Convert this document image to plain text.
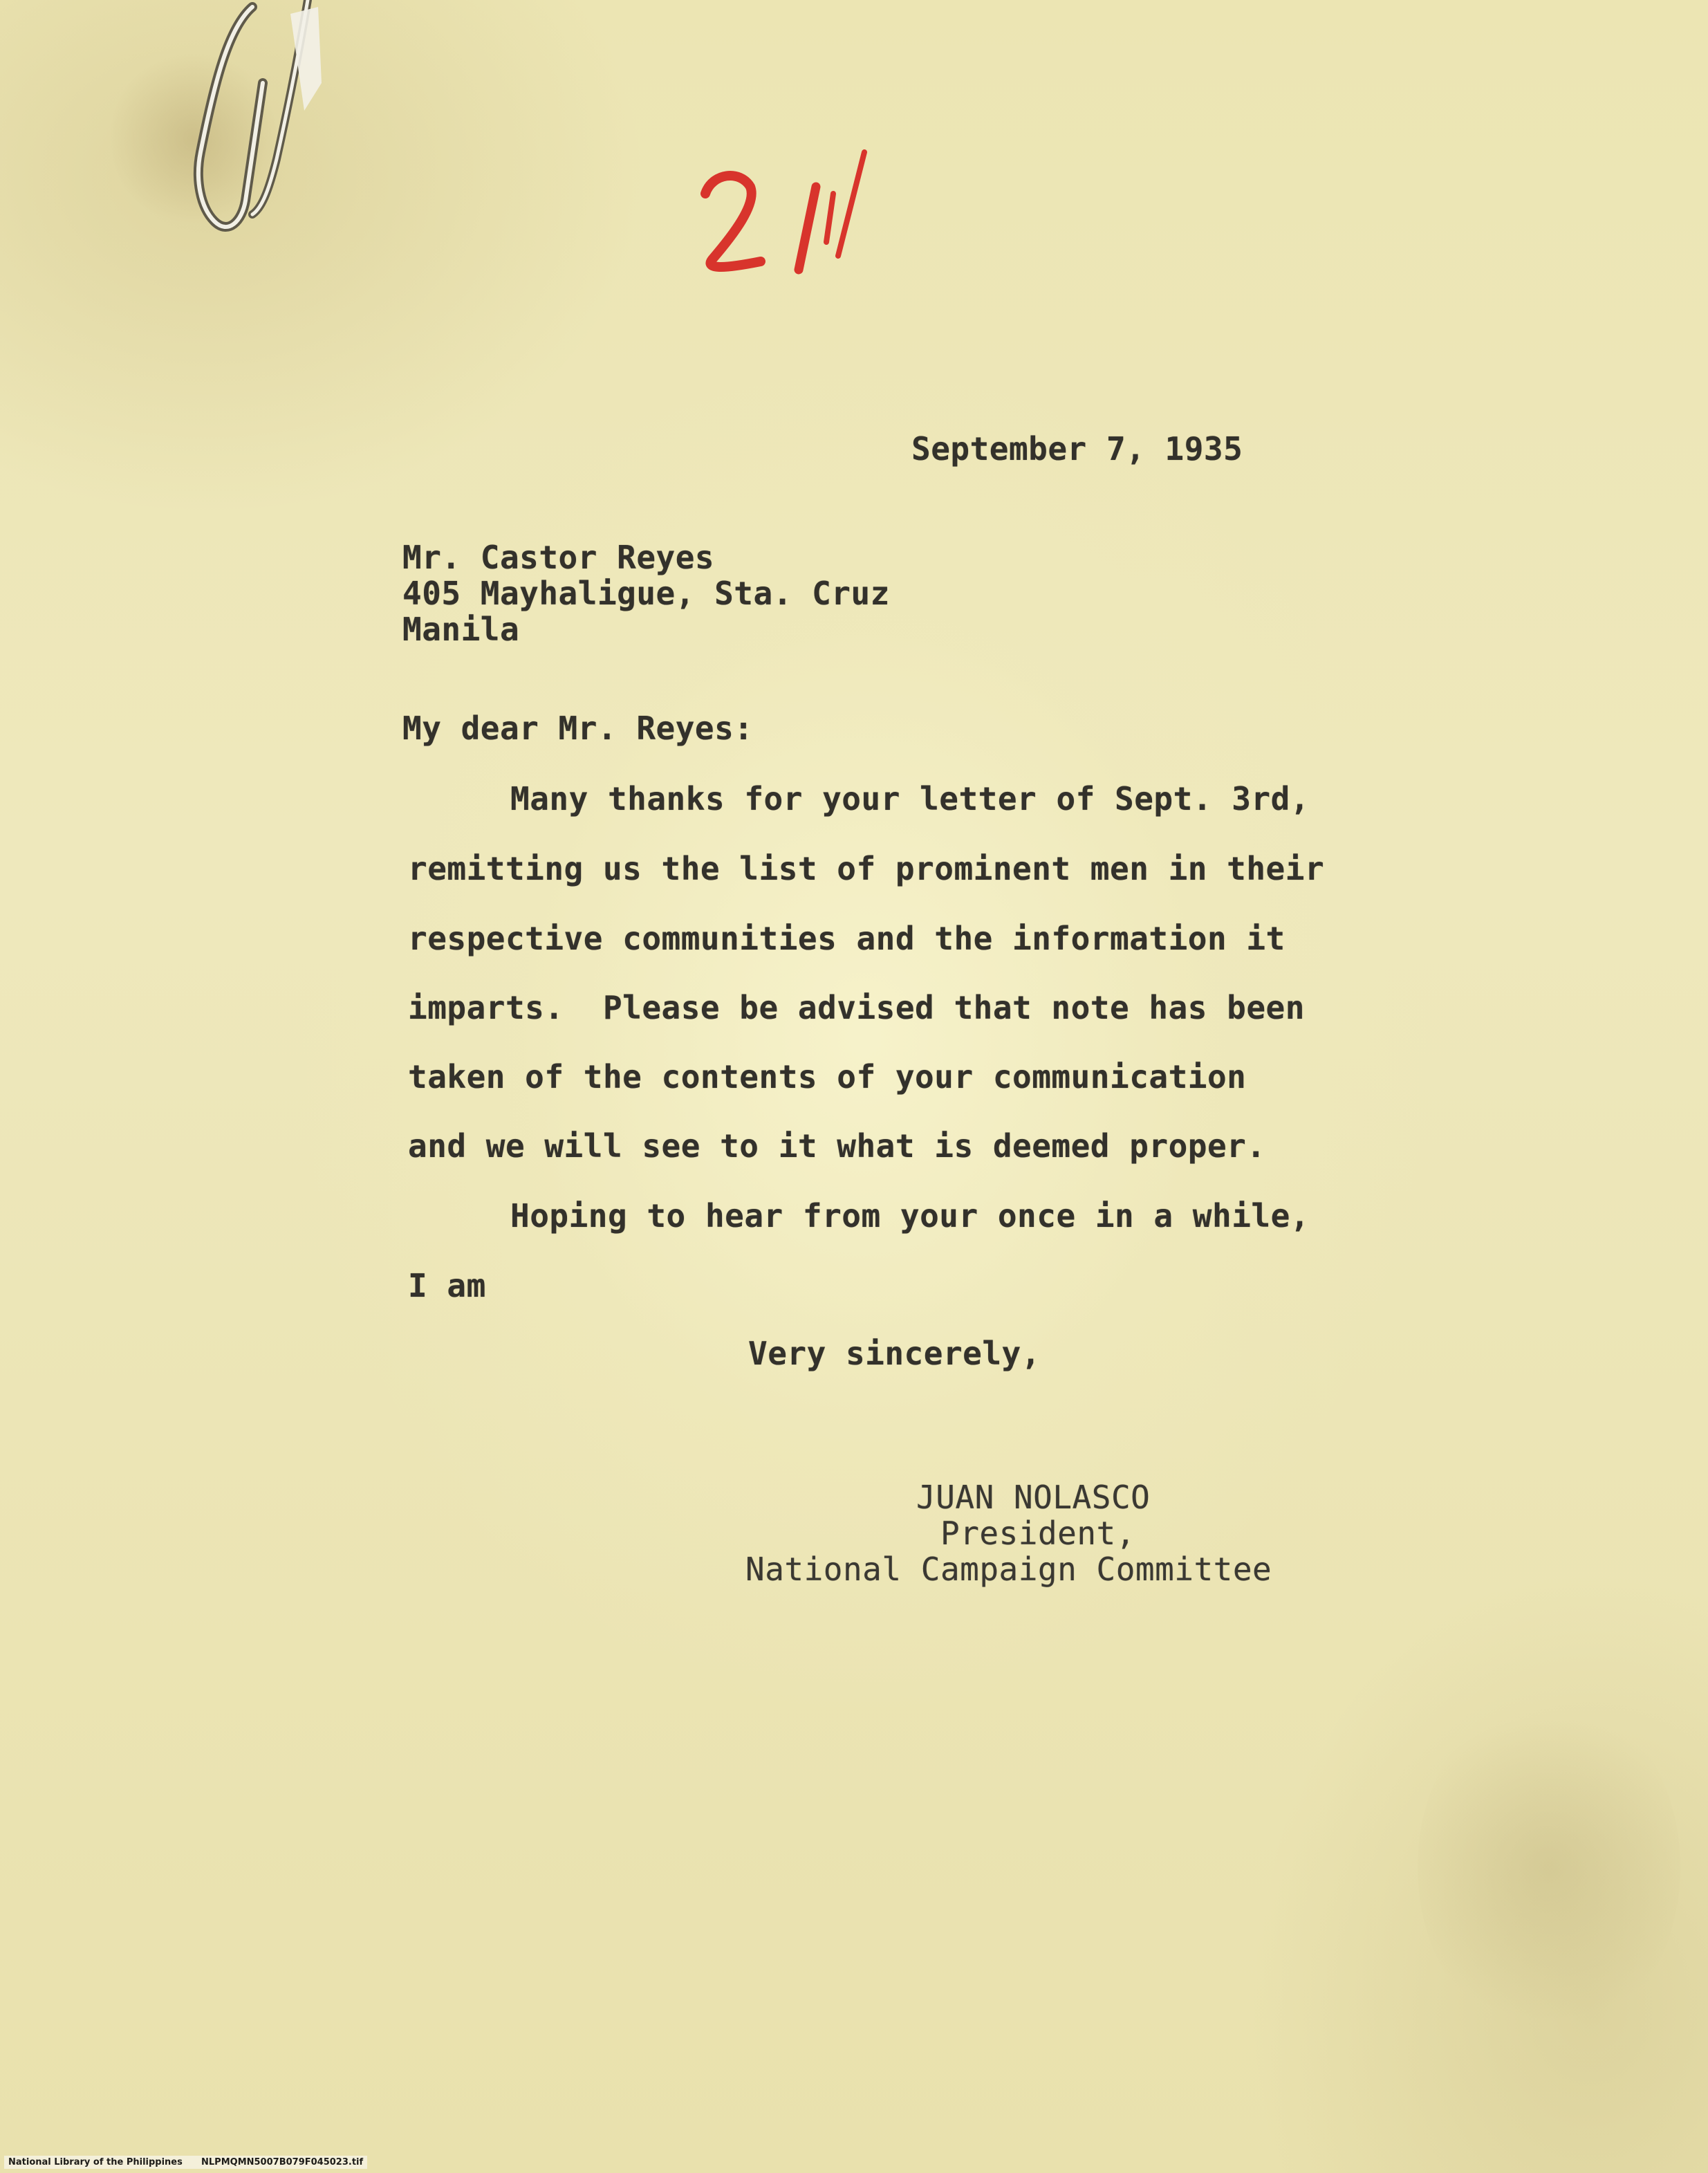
September 7, 1935
Mr. Castor Reyes
405 Mayhaligue, Sta. Cruz
Manila
My dear Mr. Reyes:
Many thanks for your letter of Sept. 3rd,
remitting us the list of prominent men in their
respective communities and the information it
imparts.  Please be advised that note has been
taken of the contents of your communication
and we will see to it what is deemed proper.
Hoping to hear from your once in a while,
I am
Very sincerely,
JUAN NOLASCO
President,
National Campaign Committee
National Library of the Philippines NLPMQMN5007B079F045023.tif
